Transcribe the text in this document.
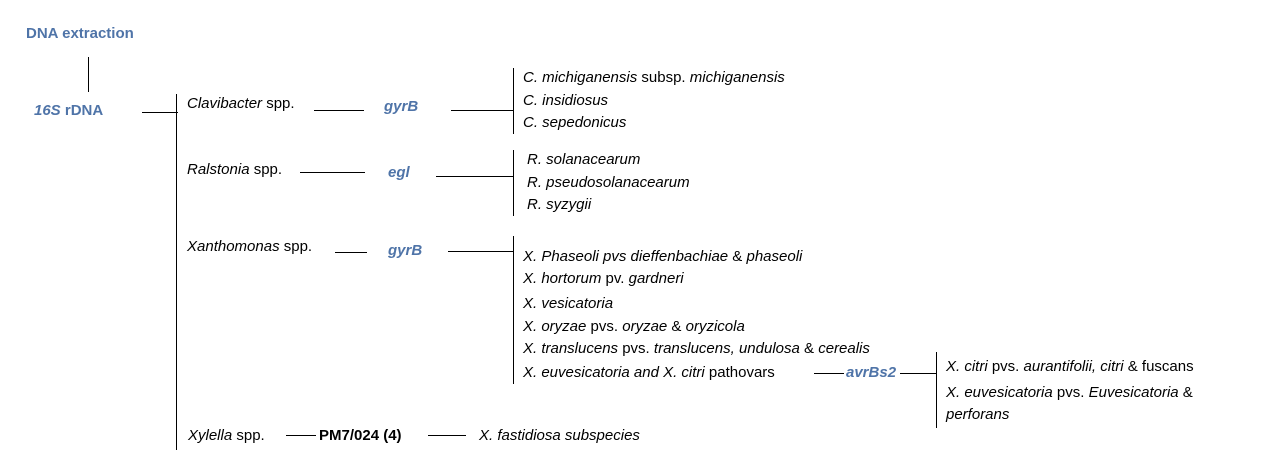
DNA extraction
16S rDNA	Clavibacter spp.	gyrB
C. michiganensis subsp. michiganensis
C. insidiosus
C. sepedonicus
Ralstonia spp.	egl
R. solanacearum
R. pseudosolanacearum
R. syzygii
Xanthomonas spp.	gyrB	X. Phaseoli pvs dieffenbachiae & phaseoli
X. hortorum pv. gardneri
X. vesicatoria
X. oryzae pvs. oryzae & oryzicola
X. translucens pvs. translucens, undulosa & cerealis
X. euvesicatoria and X. citri pathovars	avrBs2	X. citri pvs. aurantifolii, citri & fuscans
X. euvesicatoria pvs. Euvesicatoria &
perforans
Xylella spp.	PM7/024 (4)	X. fastidiosa subspecies
